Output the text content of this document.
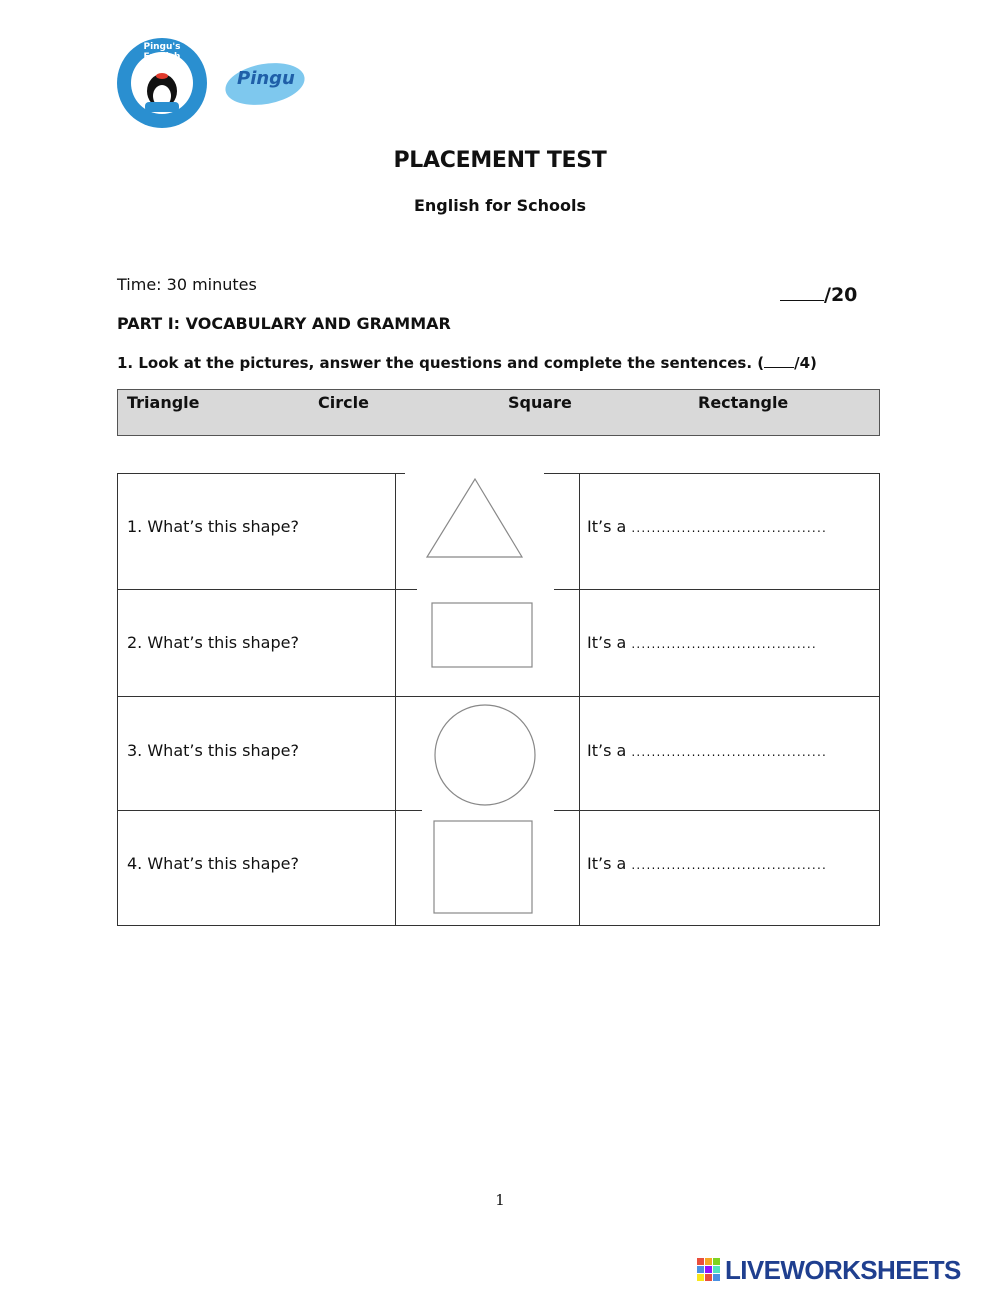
Pingu's English
Pingu
PLACEMENT TEST
English for Schools
Time: 30 minutes	/20
PART I: VOCABULARY AND GRAMMAR
1. Look at the pictures, answer the questions and complete the sentences. ( /4)
Triangle	Circle	Square	Rectangle
1. What’s this shape?	It’s a .......................................
2. What’s this shape?	It’s a .....................................
3. What’s this shape?	It’s a .......................................
4. What’s this shape?	It’s a .......................................
1
LIVEWORKSHEETS
